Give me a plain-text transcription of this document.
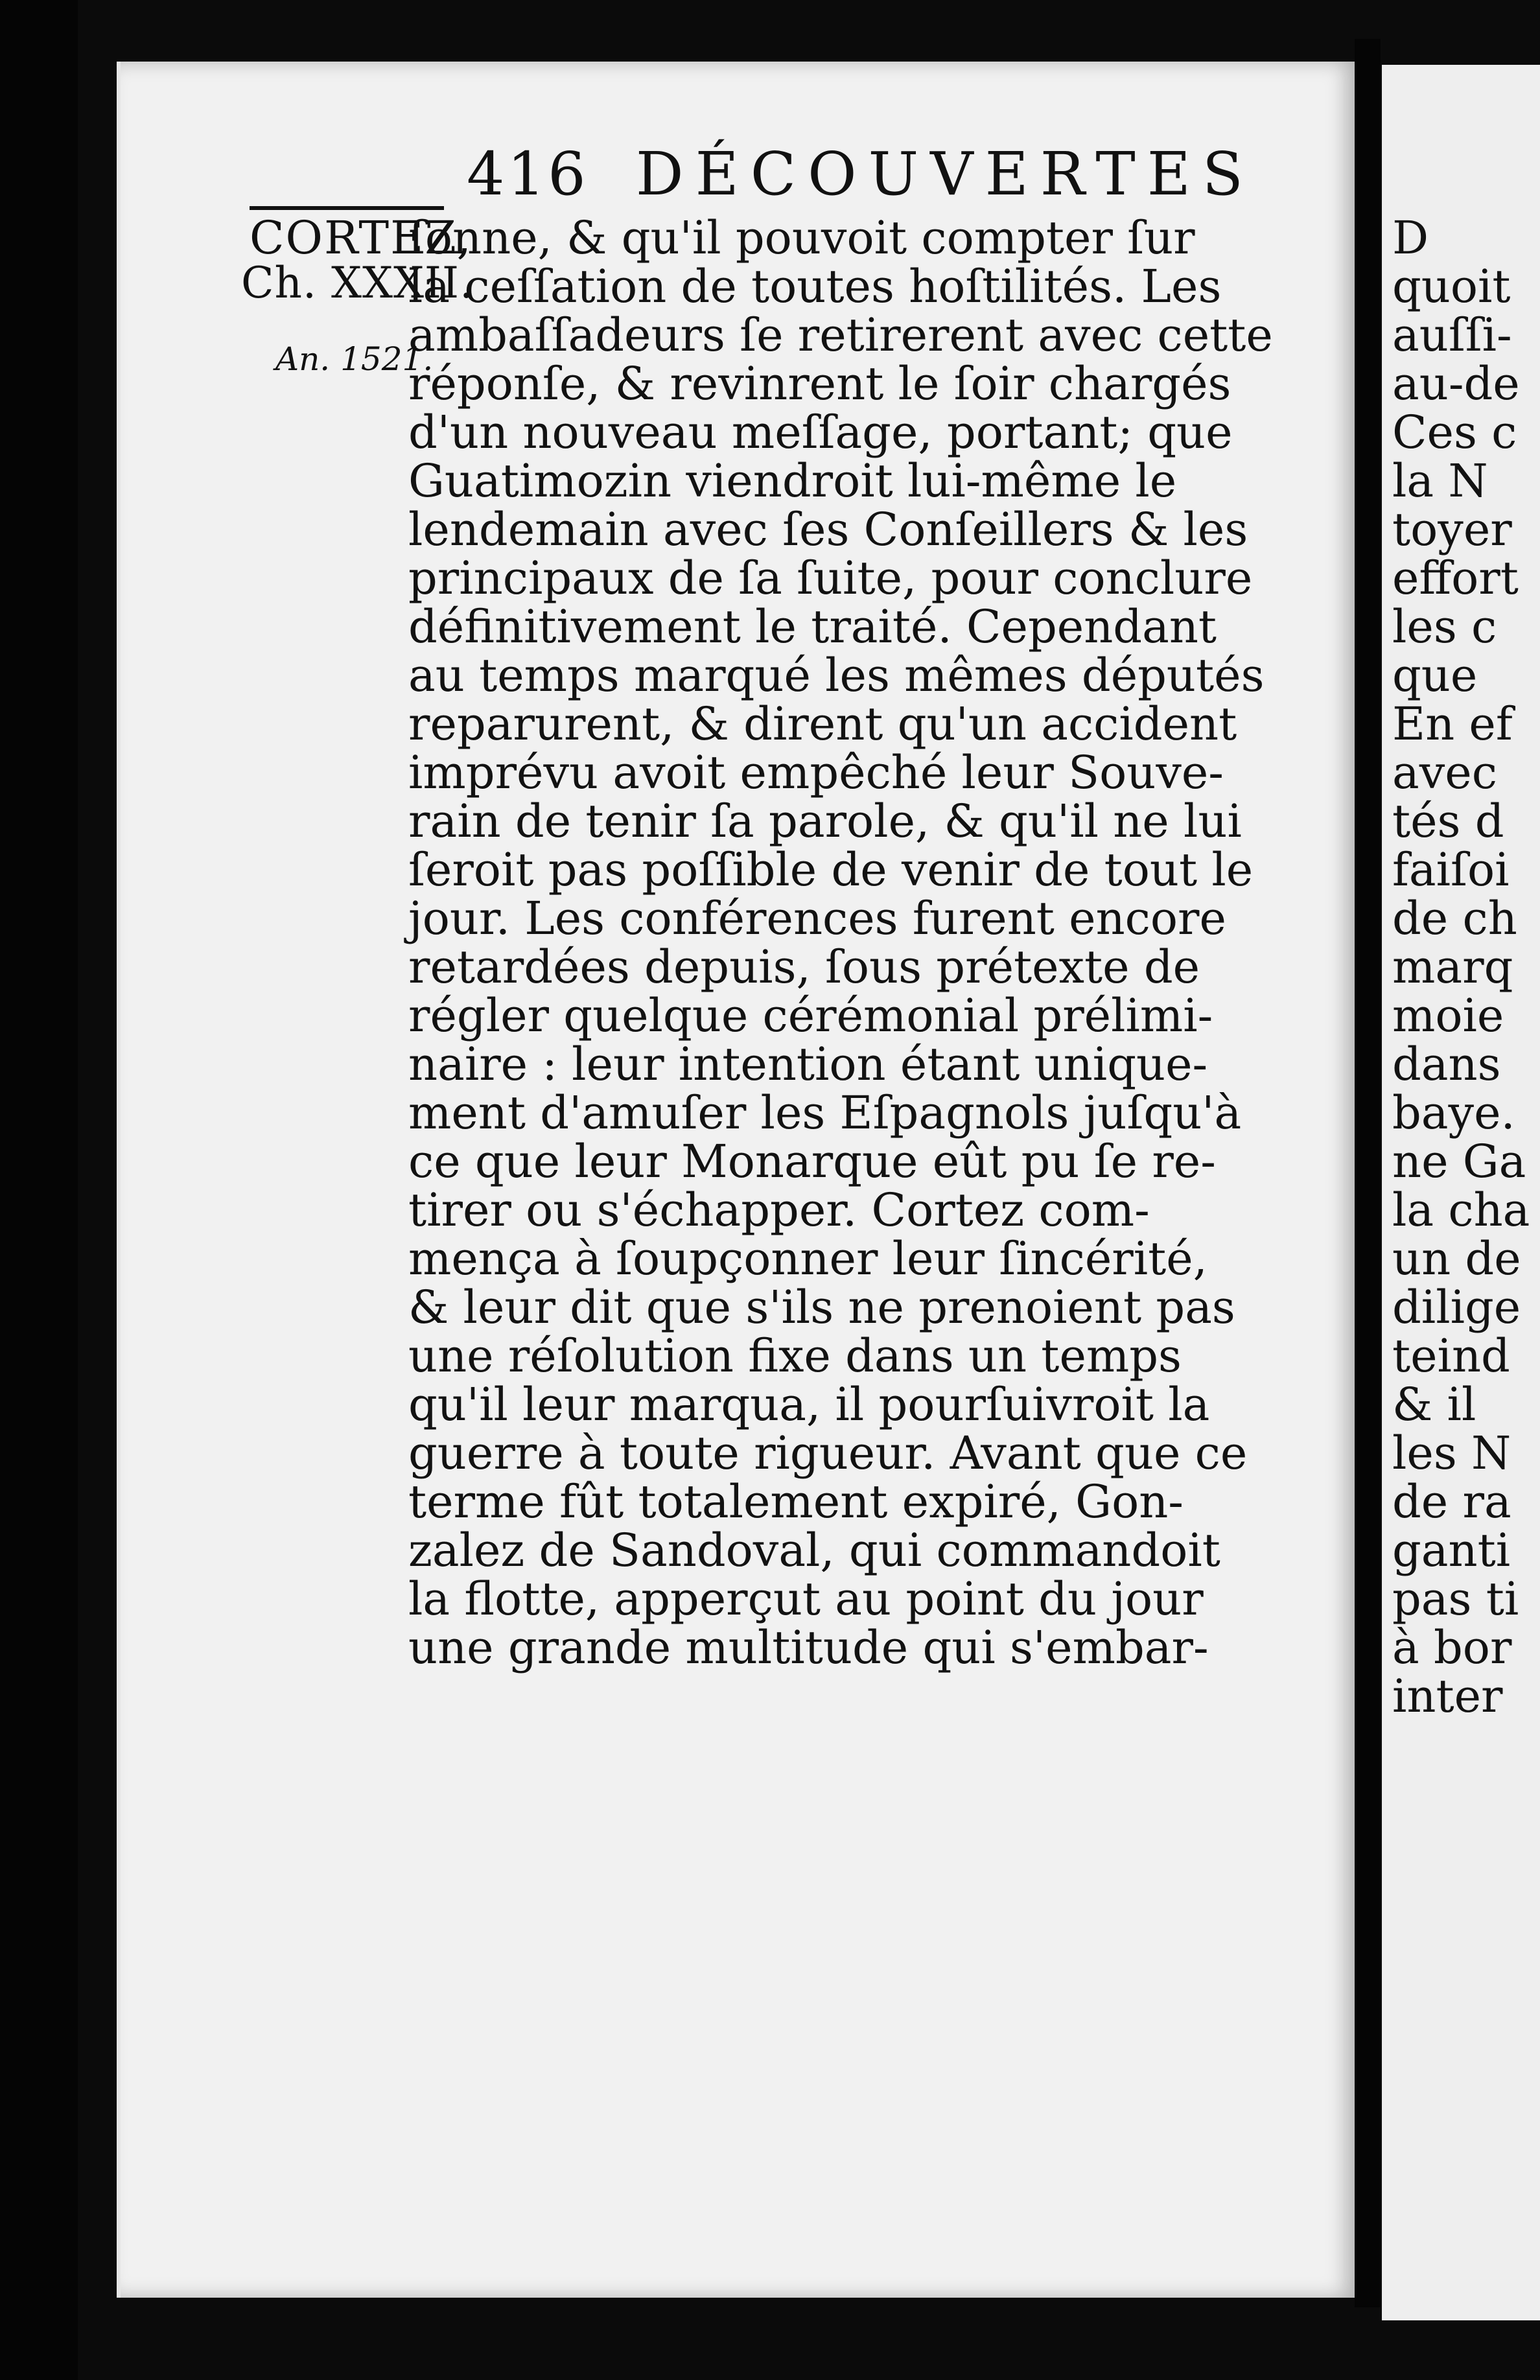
416 DÉCOUVERTES
CORTEZ,
Ch. XXXII.
An. 1521.
ſonne, & qu'il pouvoit compter ſur
la ceſſation de toutes hoſtilités. Les
ambaſſadeurs ſe retirerent avec cette
réponſe, & revinrent le ſoir chargés
d'un nouveau meſſage, portant; que
Guatimozin viendroit lui-même le
lendemain avec ſes Conſeillers & les
principaux de ſa ſuite, pour conclure
définitivement le traité. Cependant
au temps marqué les mêmes députés
reparurent, & dirent qu'un accident
imprévu avoit empêché leur Souve-
rain de tenir ſa parole, & qu'il ne lui
ſeroit pas poſſible de venir de tout le
jour. Les conférences furent encore
retardées depuis, ſous prétexte de
régler quelque cérémonial prélimi-
naire : leur intention étant unique-
ment d'amuſer les Eſpagnols juſqu'à
ce que leur Monarque eût pu ſe re-
tirer ou s'échapper. Cortez com-
mença à ſoupçonner leur ſincérité,
& leur dit que s'ils ne prenoient pas
une réſolution fixe dans un temps
qu'il leur marqua, il pourſuivroit la
guerre à toute rigueur. Avant que ce
terme fût totalement expiré, Gon-
zalez de Sandoval, qui commandoit
la flotte, apperçut au point du jour
une grande multitude qui s'embar-
D
quoit
auſſi-
au-de
Ces c
la N
toyer
effort
les c
que
En ef
avec
tés d
faiſoi
de ch
marq
moie
dans
baye.
ne Ga
la cha
un de
dilige
teind
& il
les N
de ra
ganti
pas ti
à bor
inter
